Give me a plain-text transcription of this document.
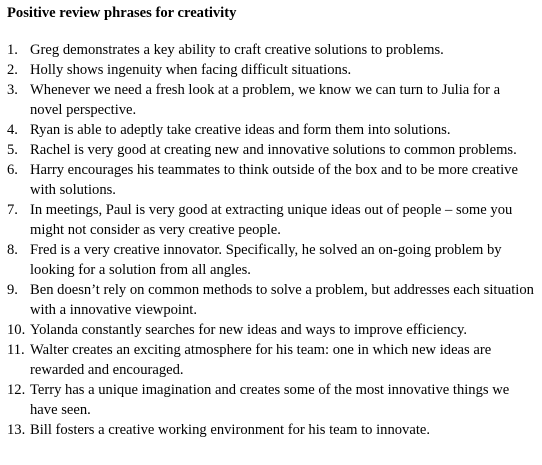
Positive review phrases for creativity
1. Greg demonstrates a key ability to craft creative solutions to problems.
2. Holly shows ingenuity when facing difficult situations.
3. Whenever we need a fresh look at a problem, we know we can turn to Julia for a novel perspective.
4. Ryan is able to adeptly take creative ideas and form them into solutions.
5. Rachel is very good at creating new and innovative solutions to common problems.
6. Harry encourages his teammates to think outside of the box and to be more creative with solutions.
7. In meetings, Paul is very good at extracting unique ideas out of people – some you might not consider as very creative people.
8. Fred is a very creative innovator. Specifically, he solved an on-going problem by looking for a solution from all angles.
9. Ben doesn’t rely on common methods to solve a problem, but addresses each situation with a innovative viewpoint.
10. Yolanda constantly searches for new ideas and ways to improve efficiency.
11. Walter creates an exciting atmosphere for his team: one in which new ideas are rewarded and encouraged.
12. Terry has a unique imagination and creates some of the most innovative things we have seen.
13. Bill fosters a creative working environment for his team to innovate.
